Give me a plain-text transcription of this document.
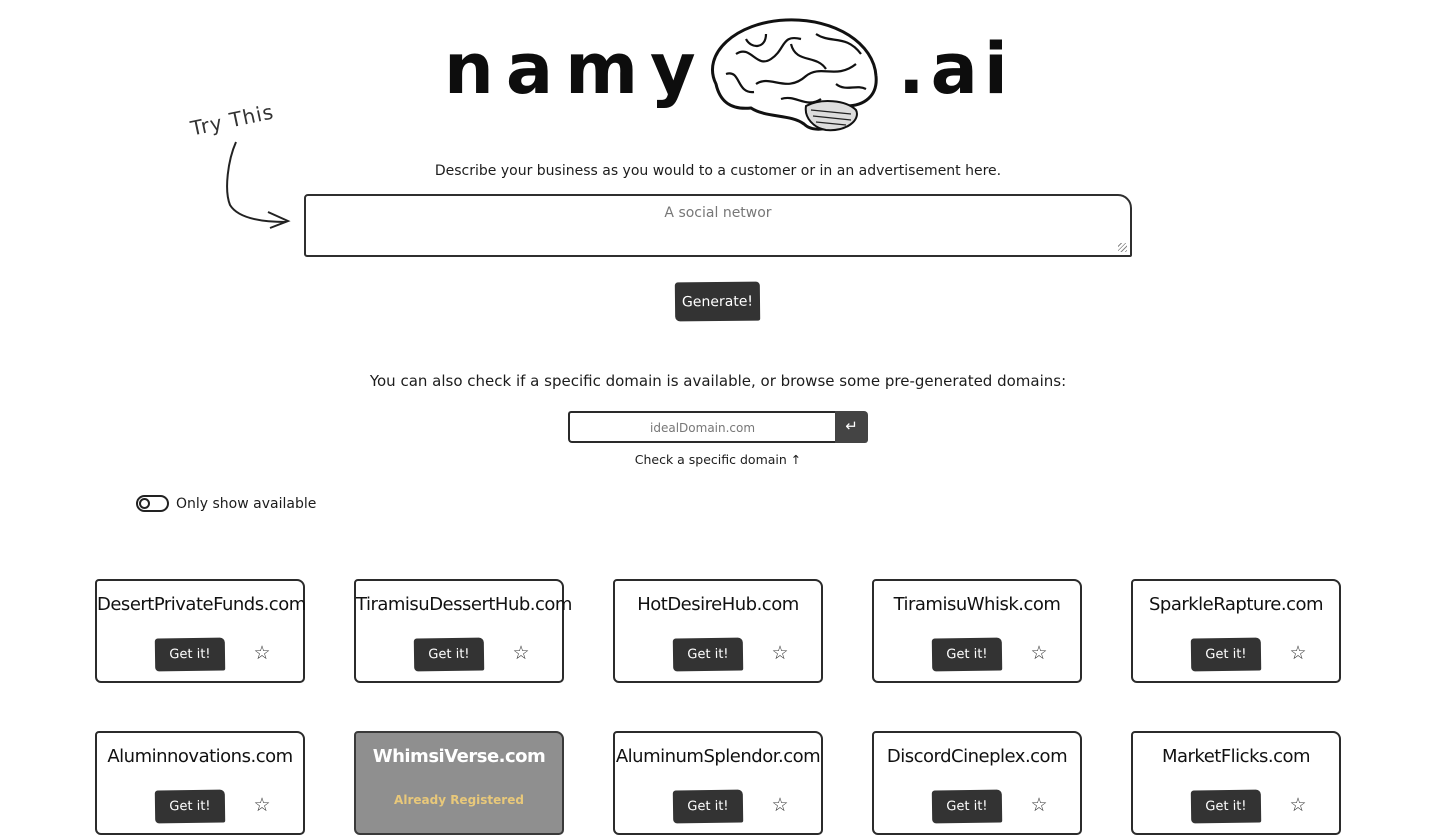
namy	.ai
Try This
Describe your business as you would to a customer or in an advertisement here.
A social networ
Generate!
You can also check if a specific domain is available, or browse some pre-generated domains:
idealDomain.com	↵
Check a specific domain ↑
Only show available
DesertPrivateFunds.com
Get it!	☆
TiramisuDessertHub.com
Get it!	☆
HotDesireHub.com
Get it!	☆
TiramisuWhisk.com
Get it!	☆
SparkleRapture.com
Get it!	☆
Aluminnovations.com
Get it!	☆
WhimsiVerse.com
Already Registered
AluminumSplendor.com
Get it!	☆
DiscordCineplex.com
Get it!	☆
MarketFlicks.com
Get it!	☆
